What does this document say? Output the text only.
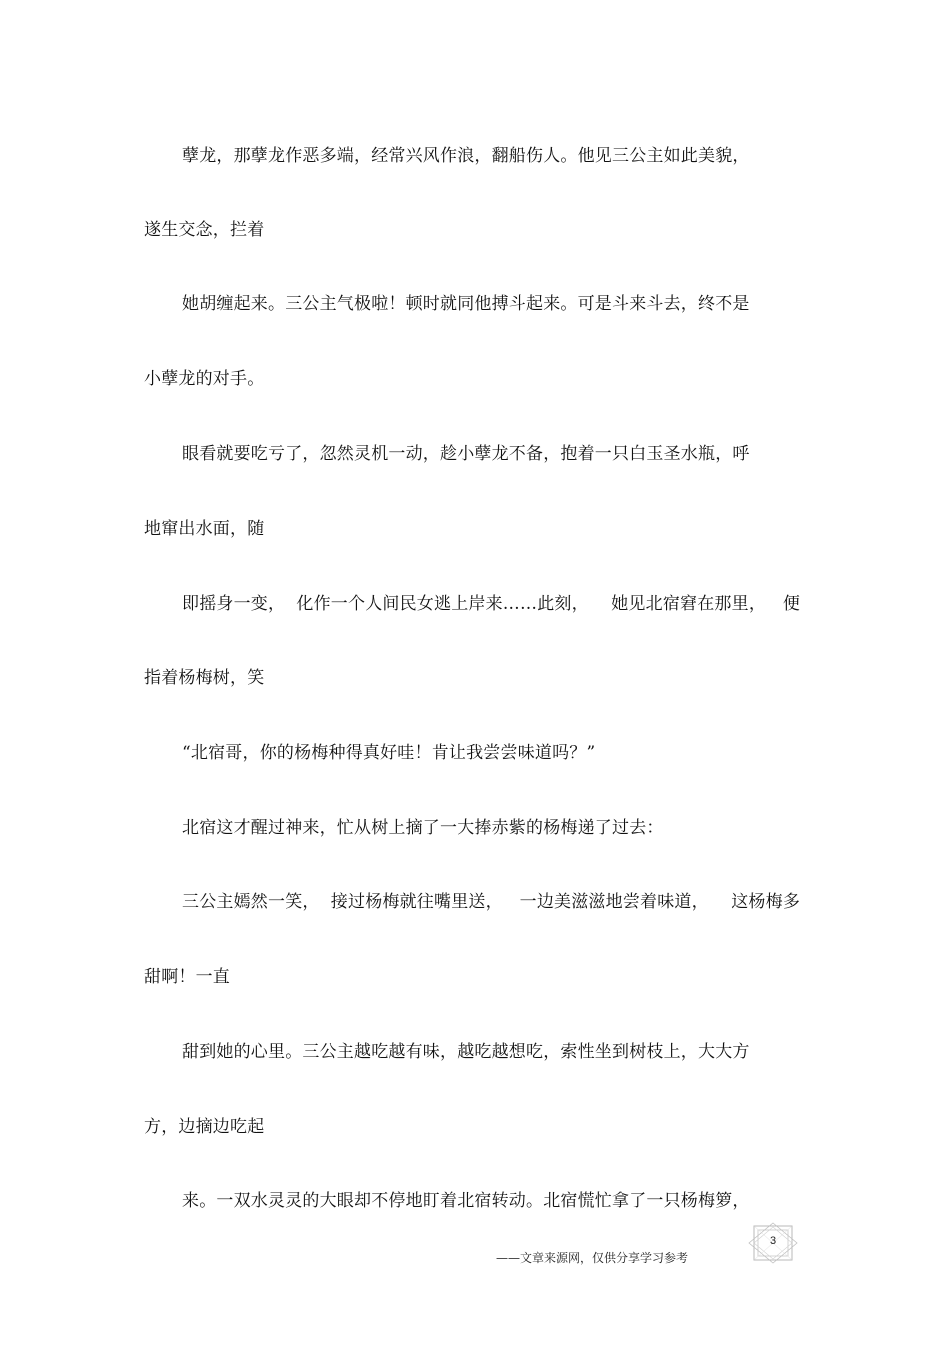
孽龙，那孽龙作恶多端，经常兴风作浪，翻船伤人。他见三公主如此美貌，
遂生交念，拦着
她胡缠起来。三公主气极啦！顿时就同他搏斗起来。可是斗来斗去，终不是
小孽龙的对手。
眼看就要吃亏了，忽然灵机一动，趁小孽龙不备，抱着一只白玉圣水瓶，呼
地窜出水面，随
即摇身一变，  化作一个人间民女逃上岸来……此刻，    她见北宿窘在那里，   便
指着杨梅树，笑
“北宿哥，你的杨梅种得真好哇！肯让我尝尝味道吗？”
北宿这才醒过神来，忙从树上摘了一大捧赤紫的杨梅递了过去：
三公主嫣然一笑，  接过杨梅就往嘴里送，   一边美滋滋地尝着味道，    这杨梅多
甜啊！一直
甜到她的心里。三公主越吃越有味，越吃越想吃，索性坐到树枝上，大大方
方，边摘边吃起
来。一双水灵灵的大眼却不停地盯着北宿转动。北宿慌忙拿了一只杨梅箩，
——文章来源网，仅供分享学习参考
3
